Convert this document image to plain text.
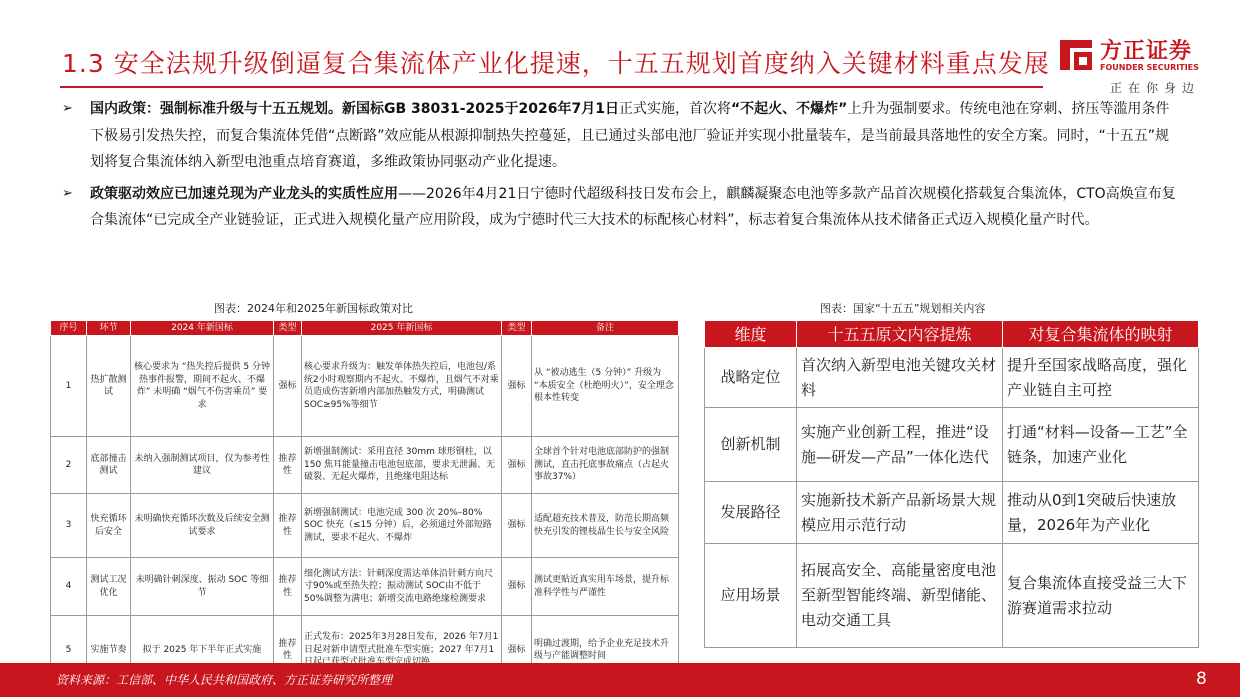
1.3 安全法规升级倒逼复合集流体产业化提速，十五五规划首度纳入关键材料重点发展 方正证券
FOUNDER SECURITIES
正在你身边
➢ 国内政策：强制标准升级与十五五规划。新国标GB 38031-2025于2026年7月1日正式实施，首次将“不起火、不爆炸”上升为强制要求。传统电池在穿刺、挤压等滥用条件下极易引发热失控，而复合集流体凭借“点断路”效应能从根源抑制热失控蔓延，且已通过头部电池厂验证并实现小批量装车，是当前最具落地性的安全方案。同时，“十五五”规划将复合集流体纳入新型电池重点培育赛道，多维政策协同驱动产业化提速。
➢ 政策驱动效应已加速兑现为产业龙头的实质性应用——2026年4月21日宁德时代超级科技日发布会上，麒麟凝聚态电池等多款产品首次规模化搭载复合集流体，CTO高焕宣布复合集流体“已完成全产业链验证，正式进入规模化量产应用阶段，成为宁德时代三大技术的标配核心材料”，标志着复合集流体从技术储备正式迈入规模化量产时代。
图表：2024年和2025年新国标政策对比	图表：国家“十五五”规划相关内容
序号	环节	2024 年新国标	类型	2025 年新国标	类型	备注
1	热扩散测试	核心要求为 “热失控后提供 5 分钟热事件报警，期间不起火、不爆炸” 未明确 “烟气不伤害乘员” 要求	强标	核心要求升级为：触发单体热失控后，电池包/系统2小时观察期内不起火、不爆炸，且烟气不对乘员造成伤害新增内部加热触发方式，明确测试SOC≥95%等细节	强标	从 “被动逃生（5 分钟）” 升级为 “本质安全（杜绝明火）”，安全理念根本性转变
2	底部撞击测试	未纳入强制测试项目，仅为参考性建议	推荐性	新增强制测试：采用直径 30mm 球形钢柱，以 150 焦耳能量撞击电池包底部，要求无泄漏、无破裂、无起火爆炸，且绝缘电阻达标	强标	全球首个针对电池底部防护的强制测试，直击托底事故痛点（占起火事故37%）
3	快充循环后安全	未明确快充循环次数及后续安全测试要求	推荐性	新增强制测试：电池完成 300 次 20%–80% SOC 快充（≤15 分钟）后，必须通过外部短路测试，要求不起火、不爆炸	强标	适配超充技术普及，防范长期高频快充引发的锂枝晶生长与安全风险
4	测试工况优化	未明确针刺深度、振动 SOC 等细节	推荐性	细化测试方法：针刺深度需达单体沿针刺方向尺寸90%或至热失控；振动测试 SOC由不低于50%调整为满电；新增交流电路绝缘检测要求	强标	测试更贴近真实用车场景，提升标准科学性与严谨性
5	实施节奏	拟于 2025 年下半年正式实施	推荐性	正式发布：2025年3月28日发布，2026 年7月1日起对新申请型式批准车型实施；2027 年7月1	强标	明确过渡期，给予企业充足技术升级与产能调整时间
维度	十五五原文内容提炼	对复合集流体的映射
战略定位	首次纳入新型电池关键攻关材料	提升至国家战略高度，强化产业链自主可控
创新机制	实施产业创新工程，推进“设施—研发—产品”一体化迭代	打通“材料—设备—工艺”全链条，加速产业化
发展路径	实施新技术新产品新场景大规模应用示范行动	推动从0到1突破后快速放量，2026年为产业化
应用场景	拓展高安全、高能量密度电池至新型智能终端、新型储能、电动交通工具	复合集流体直接受益三大下游赛道需求拉动
资料来源：工信部、中华人民共和国政府、方正证券研究所整理	8
